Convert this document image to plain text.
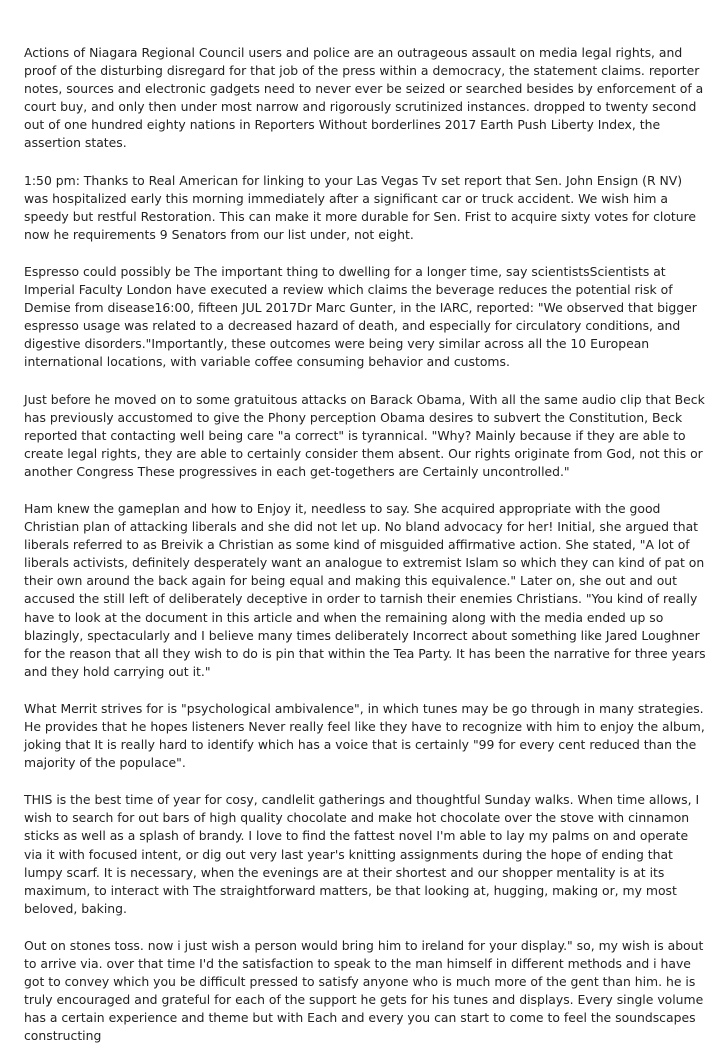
Actions of Niagara Regional Council users and police are an outrageous assault on media legal rights, and proof of the disturbing disregard for that job of the press within a democracy, the statement claims. reporter notes, sources and electronic gadgets need to never ever be seized or searched besides by enforcement of a court buy, and only then under most narrow and rigorously scrutinized instances. dropped to twenty second out of one hundred eighty nations in Reporters Without borderlines 2017 Earth Push Liberty Index, the assertion states.

1:50 pm: Thanks to Real American for linking to your Las Vegas Tv set report that Sen. John Ensign (R NV) was hospitalized early this morning immediately after a significant car or truck accident. We wish him a speedy but restful Restoration. This can make it more durable for Sen. Frist to acquire sixty votes for cloture now he requirements 9 Senators from our list under, not eight.

Espresso could possibly be The important thing to dwelling for a longer time, say scientistsScientists at Imperial Faculty London have executed a review which claims the beverage reduces the potential risk of Demise from disease16:00, fifteen JUL 2017Dr Marc Gunter, in the IARC, reported: "We observed that bigger espresso usage was related to a decreased hazard of death, and especially for circulatory conditions, and digestive disorders."Importantly, these outcomes were being very similar across all the 10 European international locations, with variable coffee consuming behavior and customs.

Just before he moved on to some gratuitous attacks on Barack Obama, With all the same audio clip that Beck has previously accustomed to give the Phony perception Obama desires to subvert the Constitution, Beck reported that contacting well being care "a correct" is tyrannical. "Why? Mainly because if they are able to create legal rights, they are able to certainly consider them absent. Our rights originate from God, not this or another Congress These progressives in each get-togethers are Certainly uncontrolled."

Ham knew the gameplan and how to Enjoy it, needless to say. She acquired appropriate with the good Christian plan of attacking liberals and she did not let up. No bland advocacy for her! Initial, she argued that liberals referred to as Breivik a Christian as some kind of misguided affirmative action. She stated, "A lot of liberals activists, definitely desperately want an analogue to extremist Islam so which they can kind of pat on their own around the back again for being equal and making this equivalence." Later on, she out and out accused the still left of deliberately deceptive in order to tarnish their enemies Christians. "You kind of really have to look at the document in this article and when the remaining along with the media ended up so blazingly, spectacularly and I believe many times deliberately Incorrect about something like Jared Loughner for the reason that all they wish to do is pin that within the Tea Party. It has been the narrative for three years and they hold carrying out it."

What Merrit strives for is "psychological ambivalence", in which tunes may be go through in many strategies. He provides that he hopes listeners Never really feel like they have to recognize with him to enjoy the album, joking that It is really hard to identify which has a voice that is certainly "99 for every cent reduced than the majority of the populace".

THIS is the best time of year for cosy, candlelit gatherings and thoughtful Sunday walks. When time allows, I wish to search for out bars of high quality chocolate and make hot chocolate over the stove with cinnamon sticks as well as a splash of brandy. I love to find the fattest novel I'm able to lay my palms on and operate via it with focused intent, or dig out very last year's knitting assignments during the hope of ending that lumpy scarf. It is necessary, when the evenings are at their shortest and our shopper mentality is at its maximum, to interact with The straightforward matters, be that looking at, hugging, making or, my most beloved, baking.

Out on stones toss. now i just wish a person would bring him to ireland for your display." so, my wish is about to arrive via. over that time I'd the satisfaction to speak to the man himself in different methods and i have got to convey which you be difficult pressed to satisfy anyone who is much more of the gent than him. he is truly encouraged and grateful for each of the support he gets for his tunes and displays. Every single volume has a certain experience and theme but with Each and every you can start to come to feel the soundscapes constructing
